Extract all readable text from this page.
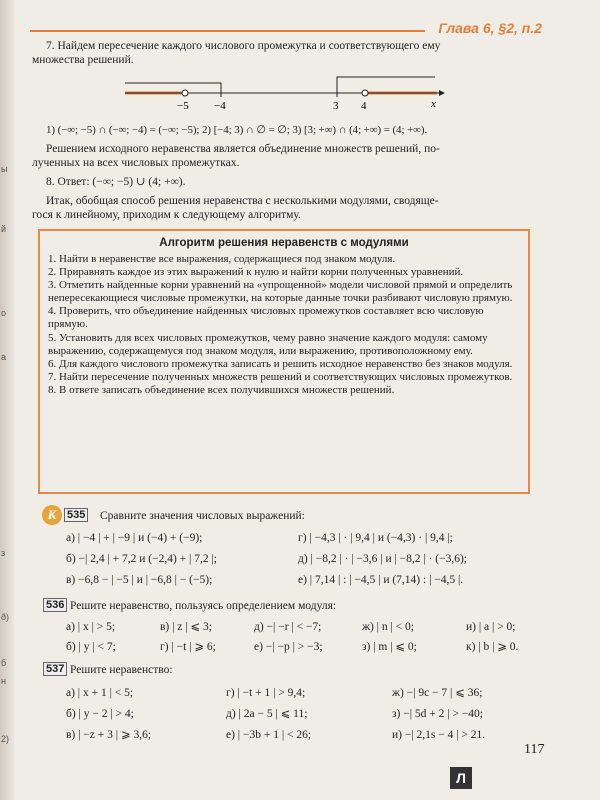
ы
й
о
а
з
ð)
б
н
2)
Глава 6, §2, п.2
7. Найдем пересечение каждого числового промежутка и соответствующего ему
множества решений.
−5 −4	3 4	x
1) (−∞; −5) ∩ (−∞; −4) = (−∞; −5); 2) [−4; 3) ∩ ∅ = ∅; 3) [3; +∞) ∩ (4; +∞) = (4; +∞).
Решением исходного неравенства является объединение множеств решений, по-
лученных на всех числовых промежутках.
8. Ответ: (−∞; −5) ∪ (4; +∞).
Итак, обобщая способ решения неравенства с несколькими модулями, сводяще-
гося к линейному, приходим к следующему алгоритму.
Алгоритм решения неравенств с модулями

1. Найти в неравенстве все выражения, содержащиеся под знаком модуля.

2. Приравнять каждое из этих выражений к нулю и найти корни полученных уравнений.

3. Отметить найденные корни уравнений на «упрощенной» модели числовой прямой и определить непересекающиеся числовые промежутки, на которые данные точки разбивают числовую прямую.

4. Проверить, что объединение найденных числовых промежутков составляет всю числовую прямую.

5. Установить для всех числовых промежутков, чему равно значение каждого модуля: самому выражению, содержащемуся под знаком модуля, или выражению, противоположному ему.

6. Для каждого числового промежутка записать и решить исходное неравенство без знаков модуля.

7. Найти пересечение полученных множеств решений и соответствующих числовых промежутков.

8. В ответе записать объединение всех получившихся множеств решений.

К 535 Сравните значения числовых выражений:
а) | −4 | + | −9 | и (−4) + (−9);	г) | −4,3 | · | 9,4 | и (−4,3) · | 9,4 |;
б) −| 2,4 | + 7,2 и (−2,4) + | 7,2 |;	д) | −8,2 | · | −3,6 | и | −8,2 | · (−3,6);
в) −6,8 − | −5 | и | −6,8 | − (−5);	е) | 7,14 | : | −4,5 | и (7,14) : | −4,5 |.
536 Решите неравенство, пользуясь определением модуля:
а) | x | > 5;	в) | z | ⩽ 3;	д) −| −r | < −7;	ж) | n | < 0;	и) | a | > 0;
б) | y | < 7;	г) | −t | ⩾ 6;	е) −| −p | > −3;	з) | m | ⩽ 0;	к) | b | ⩾ 0.
537 Решите неравенство:
а) | x + 1 | < 5;	г) | −t + 1 | > 9,4;	ж) −| 9c − 7 | ⩽ 36;
б) | y − 2 | > 4;	д) | 2a − 5 | ⩽ 11;	з) −| 5d + 2 | > −40;
в) | −z + 3 | ⩾ 3,6;	е) | −3b + 1 | < 26;	и) −| 2,1s − 4 | > 21.
117
Л
